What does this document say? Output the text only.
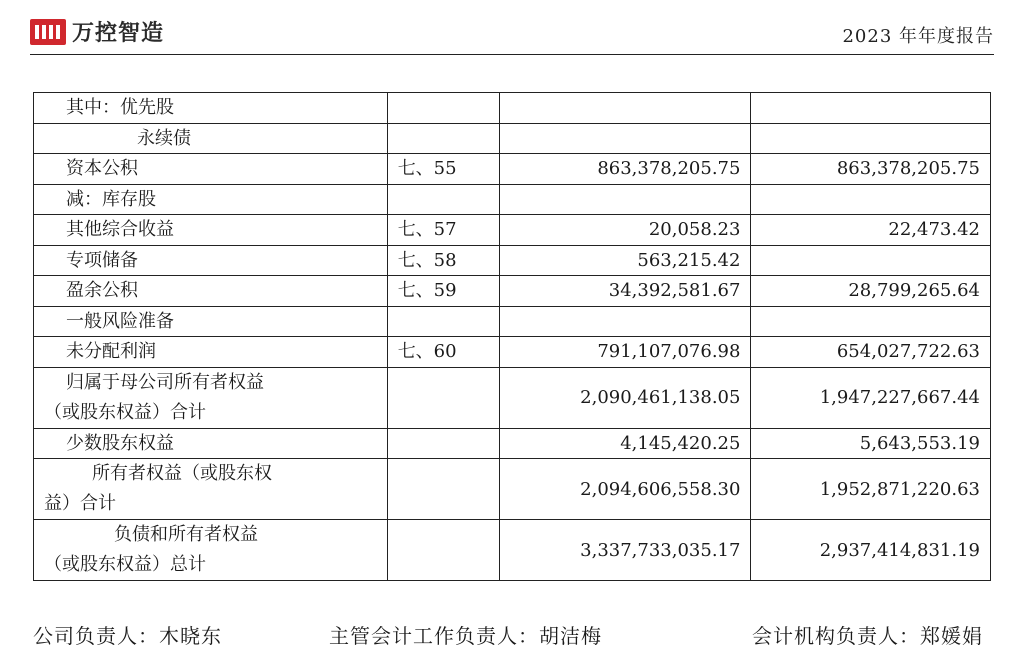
万控智造	2023 年年度报告
其中：优先股			
永续债			
资本公积	七、55	863,378,205.75	863,378,205.75
减：库存股			
其他综合收益	七、57	20,058.23	22,473.42
专项储备	七、58	563,215.42	
盈余公积	七、59	34,392,581.67	28,799,265.64
一般风险准备			
未分配利润	七、60	791,107,076.98	654,027,722.63

归属于母公司所有者权益
（或股东权益）合计		2,090,461,138.05	1,947,227,667.44
少数股东权益		4,145,420.25	5,643,553.19

所有者权益（或股东权
益）合计		2,094,606,558.30	1,952,871,220.63

负债和所有者权益
（或股东权益）总计		3,337,733,035.17	2,937,414,831.19
公司负责人：木晓东	主管会计工作负责人：胡洁梅	会计机构负责人：郑媛娟
